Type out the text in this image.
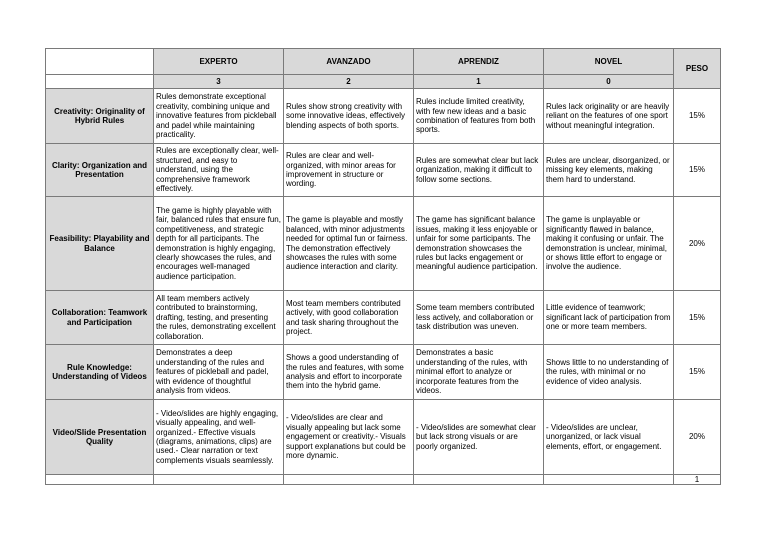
	EXPERTO	AVANZADO	APRENDIZ	NOVEL	PESO
	3	2	1	0	
Creativity: Originality of Hybrid Rules	Rules demonstrate exceptional creativity, combining unique and innovative features from pickleball and padel while maintaining practicality.	Rules show strong creativity with some innovative ideas, effectively blending aspects of both sports.	Rules include limited creativity, with few new ideas and a basic combination of features from both sports.	Rules lack originality or are heavily reliant on the features of one sport without meaningful integration.	15%
Clarity: Organization and Presentation	Rules are exceptionally clear, well-structured, and easy to understand, using the comprehensive framework effectively.	Rules are clear and well-organized, with minor areas for improvement in structure or wording.	Rules are somewhat clear but lack organization, making it difficult to follow some sections.	Rules are unclear, disorganized, or missing key elements, making them hard to understand.	15%
Feasibility: Playability and Balance	The game is highly playable with fair, balanced rules that ensure fun, competitiveness, and strategic depth for all participants. The demonstration is highly engaging, clearly showcases the rules, and encourages well-managed audience participation.	The game is playable and mostly balanced, with minor adjustments needed for optimal fun or fairness. The demonstration effectively showcases the rules with some audience interaction and clarity.	The game has significant balance issues, making it less enjoyable or unfair for some participants. The demonstration showcases the rules but lacks engagement or meaningful audience participation.	The game is unplayable or significantly flawed in balance, making it confusing or unfair. The demonstration is unclear, minimal, or shows little effort to engage or involve the audience.	20%
Collaboration: Teamwork and Participation	All team members actively contributed to brainstorming, drafting, testing, and presenting the rules, demonstrating excellent collaboration.	Most team members contributed actively, with good collaboration and task sharing throughout the project.	Some team members contributed less actively, and collaboration or task distribution was uneven.	Little evidence of teamwork; significant lack of participation from one or more team members.	15%
Rule Knowledge: Understanding of Videos	Demonstrates a deep understanding of the rules and features of pickleball and padel, with evidence of thoughtful analysis from videos.	Shows a good understanding of the rules and features, with some analysis and effort to incorporate them into the hybrid game.	Demonstrates a basic understanding of the rules, with minimal effort to analyze or incorporate features from the videos.	Shows little to no understanding of the rules, with minimal or no evidence of video analysis.	15%
Video/Slide Presentation Quality	- Video/slides are highly engaging, visually appealing, and well-organized.- Effective visuals (diagrams, animations, clips) are used.- Clear narration or text complements visuals seamlessly.	- Video/slides are clear and visually appealing but lack some engagement or creativity.- Visuals support explanations but could be more dynamic.	- Video/slides are somewhat clear but lack strong visuals or are poorly organized.	- Video/slides are unclear, unorganized, or lack visual elements, effort, or engagement.	20%
					1
